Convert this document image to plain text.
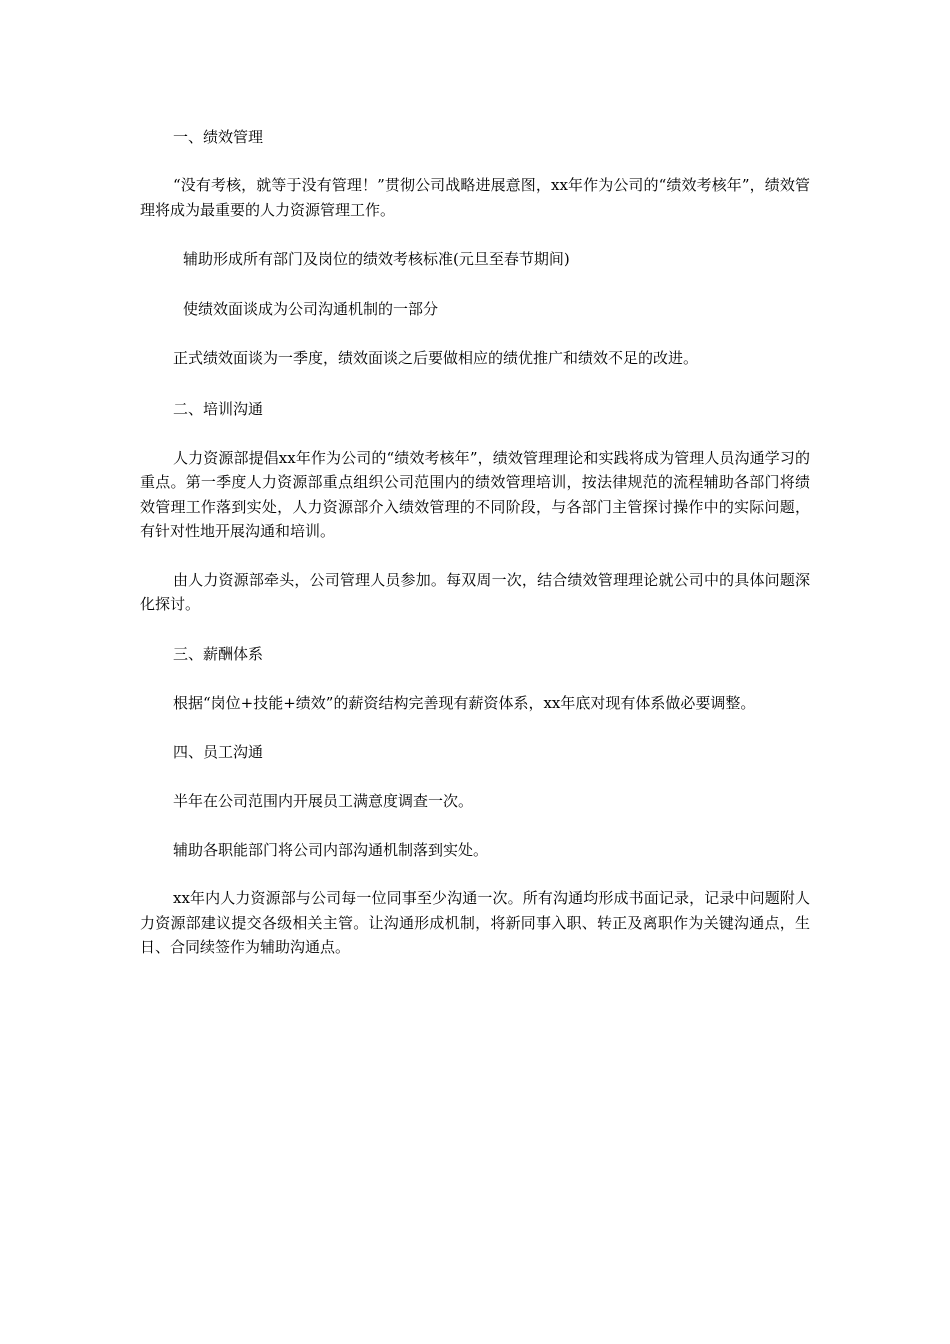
一、绩效管理
“没有考核，就等于没有管理！”贯彻公司战略进展意图，xx年作为公司的“绩效考核年”，绩效管理将成为最重要的人力资源管理工作。
辅助形成所有部门及岗位的绩效考核标准(元旦至春节期间)
使绩效面谈成为公司沟通机制的一部分
正式绩效面谈为一季度，绩效面谈之后要做相应的绩优推广和绩效不足的改进。
二、培训沟通
人力资源部提倡xx年作为公司的“绩效考核年”，绩效管理理论和实践将成为管理人员沟通学习的重点。第一季度人力资源部重点组织公司范围内的绩效管理培训，按法律规范的流程辅助各部门将绩效管理工作落到实处，人力资源部介入绩效管理的不同阶段，与各部门主管探讨操作中的实际问题，有针对性地开展沟通和培训。
由人力资源部牵头，公司管理人员参加。每双周一次，结合绩效管理理论就公司中的具体问题深化探讨。
三、薪酬体系
根据“岗位+技能+绩效”的薪资结构完善现有薪资体系，xx年底对现有体系做必要调整。
四、员工沟通
半年在公司范围内开展员工满意度调查一次。
辅助各职能部门将公司内部沟通机制落到实处。
xx年内人力资源部与公司每一位同事至少沟通一次。所有沟通均形成书面记录，记录中问题附人力资源部建议提交各级相关主管。让沟通形成机制，将新同事入职、转正及离职作为关键沟通点，生日、合同续签作为辅助沟通点。
